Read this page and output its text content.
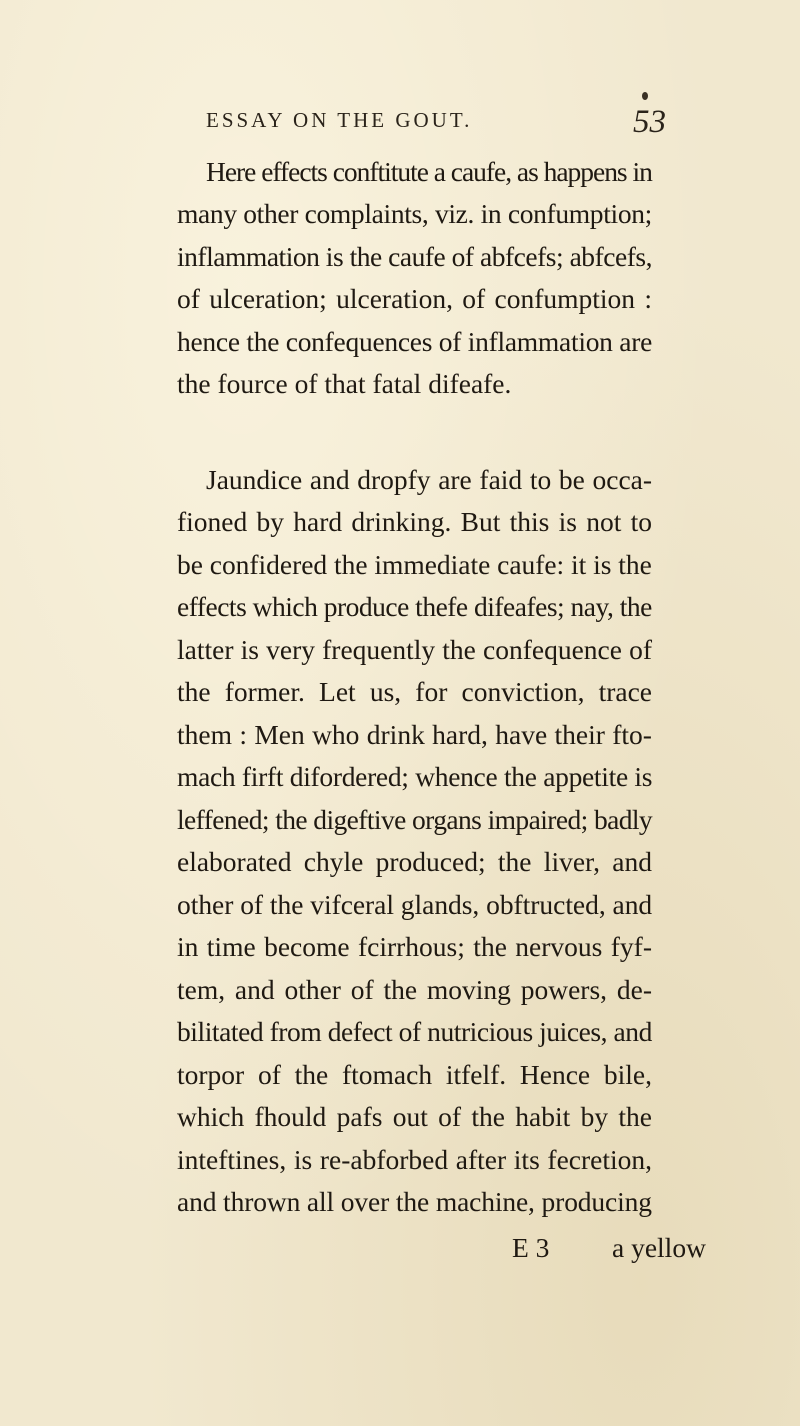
ESSAY ON THE GOUT.	53
Here effects conftitute a caufe, as happens in
many other complaints, viz. in confumption;
inflammation is the caufe of abfcefs; abfcefs,
of ulceration; ulceration, of confumption :
hence the confequences of inflammation are
the fource of that fatal difeafe.
Jaundice and dropfy are faid to be occa-
fioned by hard drinking. But this is not to
be confidered the immediate caufe: it is the
effects which produce thefe difeafes; nay, the
latter is very frequently the confequence of
the former. Let us, for conviction, trace
them : Men who drink hard, have their fto-
mach firft difordered; whence the appetite is
leffened; the digeftive organs impaired; badly
elaborated chyle produced; the liver, and
other of the vifceral glands, obftructed, and
in time become fcirrhous; the nervous fyf-
tem, and other of the moving powers, de-
bilitated from defect of nutricious juices, and
torpor of the ftomach itfelf. Hence bile,
which fhould pafs out of the habit by the
inteftines, is re-abforbed after its fecretion,
and thrown all over the machine, producing
E 3 a yellow
